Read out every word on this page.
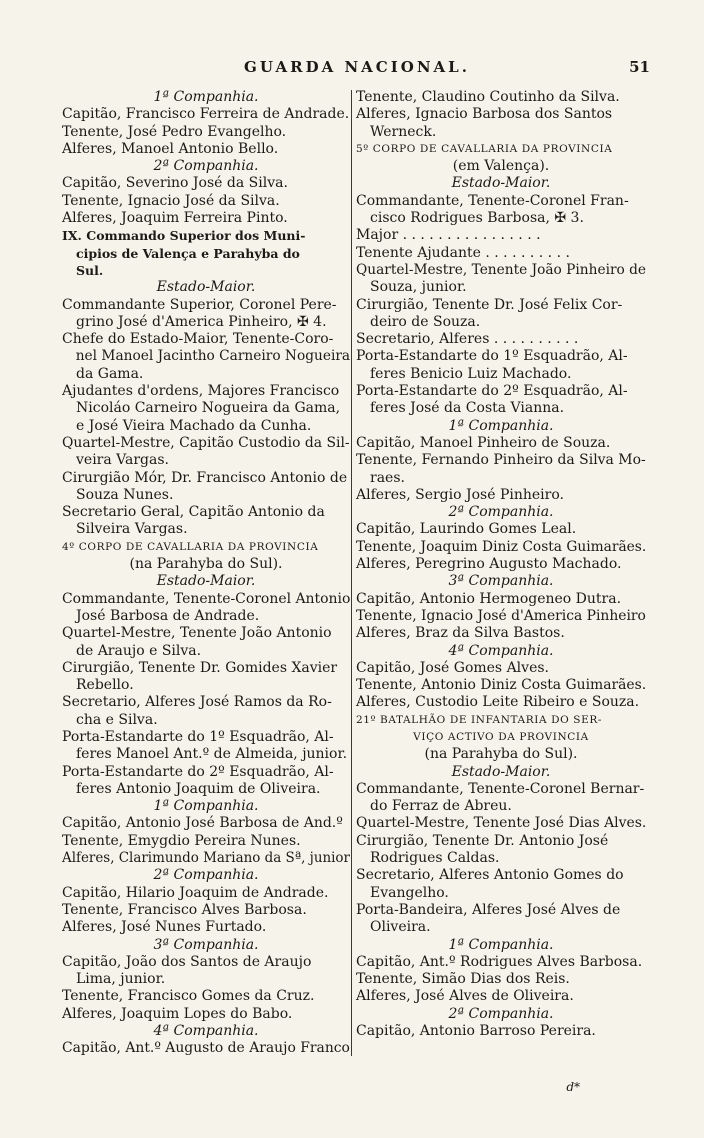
GUARDA NACIONAL.	51
1ª Companhia.
Capitão, Francisco Ferreira de Andrade.
Tenente, José Pedro Evangelho.
Alferes, Manoel Antonio Bello.
2ª Companhia.
Capitão, Severino José da Silva.
Tenente, Ignacio José da Silva.
Alferes, Joaquim Ferreira Pinto.
IX. Commando Superior dos Muni-
cipios de Valença e Parahyba do
Sul.
Estado-Maior.
Commandante Superior, Coronel Pere-
grino José d'America Pinheiro, ✠ 4.
Chefe do Estado-Maior, Tenente-Coro-
nel Manoel Jacintho Carneiro Nogueira
da Gama.
Ajudantes d'ordens, Majores Francisco
Nicoláo Carneiro Nogueira da Gama,
e José Vieira Machado da Cunha.
Quartel-Mestre, Capitão Custodio da Sil-
veira Vargas.
Cirurgião Mór, Dr. Francisco Antonio de
Souza Nunes.
Secretario Geral, Capitão Antonio da
Silveira Vargas.
4º CORPO DE CAVALLARIA DA PROVINCIA
(na Parahyba do Sul).
Estado-Maior.
Commandante, Tenente-Coronel Antonio
José Barbosa de Andrade.
Quartel-Mestre, Tenente João Antonio
de Araujo e Silva.
Cirurgião, Tenente Dr. Gomides Xavier
Rebello.
Secretario, Alferes José Ramos da Ro-
cha e Silva.
Porta-Estandarte do 1º Esquadrão, Al-
feres Manoel Ant.º de Almeida, junior.
Porta-Estandarte do 2º Esquadrão, Al-
feres Antonio Joaquim de Oliveira.
1ª Companhia.
Capitão, Antonio José Barbosa de And.º
Tenente, Emygdio Pereira Nunes.
Alferes, Clarimundo Mariano da Sª, junior
2ª Companhia.
Capitão, Hilario Joaquim de Andrade.
Tenente, Francisco Alves Barbosa.
Alferes, José Nunes Furtado.
3ª Companhia.
Capitão, João dos Santos de Araujo
Lima, junior.
Tenente, Francisco Gomes da Cruz.
Alferes, Joaquim Lopes do Babo.
4ª Companhia.
Capitão, Ant.º Augusto de Araujo Franco
Tenente, Claudino Coutinho da Silva.
Alferes, Ignacio Barbosa dos Santos
Werneck.
5º CORPO DE CAVALLARIA DA PROVINCIA
(em Valença).
Estado-Maior.
Commandante, Tenente-Coronel Fran-
cisco Rodrigues Barbosa, ✠ 3.
Major . . . . . . . . . . . . . . . .
Tenente Ajudante . . . . . . . . . .
Quartel-Mestre, Tenente João Pinheiro de
Souza, junior.
Cirurgião, Tenente Dr. José Felix Cor-
deiro de Souza.
Secretario, Alferes . . . . . . . . . .
Porta-Estandarte do 1º Esquadrão, Al-
feres Benicio Luiz Machado.
Porta-Estandarte do 2º Esquadrão, Al-
feres José da Costa Vianna.
1ª Companhia.
Capitão, Manoel Pinheiro de Souza.
Tenente, Fernando Pinheiro da Silva Mo-
raes.
Alferes, Sergio José Pinheiro.
2ª Companhia.
Capitão, Laurindo Gomes Leal.
Tenente, Joaquim Diniz Costa Guimarães.
Alferes, Peregrino Augusto Machado.
3ª Companhia.
Capitão, Antonio Hermogeneo Dutra.
Tenente, Ignacio José d'America Pinheiro
Alferes, Braz da Silva Bastos.
4ª Companhia.
Capitão, José Gomes Alves.
Tenente, Antonio Diniz Costa Guimarães.
Alferes, Custodio Leite Ribeiro e Souza.
21º BATALHÃO DE INFANTARIA DO SER-
VIÇO ACTIVO DA PROVINCIA
(na Parahyba do Sul).
Estado-Maior.
Commandante, Tenente-Coronel Bernar-
do Ferraz de Abreu.
Quartel-Mestre, Tenente José Dias Alves.
Cirurgião, Tenente Dr. Antonio José
Rodrigues Caldas.
Secretario, Alferes Antonio Gomes do
Evangelho.
Porta-Bandeira, Alferes José Alves de
Oliveira.
1ª Companhia.
Capitão, Ant.º Rodrigues Alves Barbosa.
Tenente, Simão Dias dos Reis.
Alferes, José Alves de Oliveira.
2ª Companhia.
Capitão, Antonio Barroso Pereira.
d*
